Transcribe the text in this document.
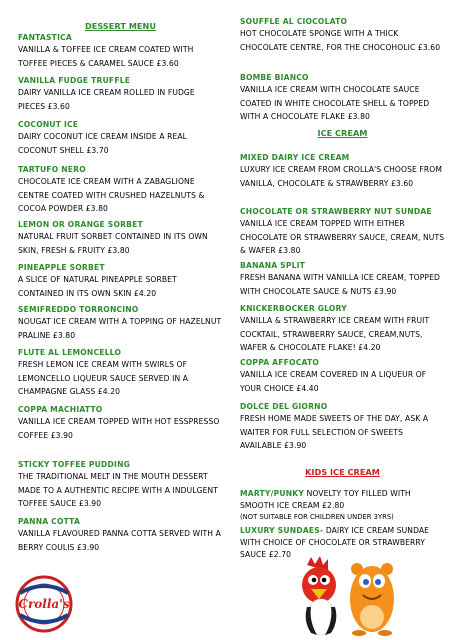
DESSERT MENU

FANTASTICA

VANILLA & TOFFEE ICE CREAM COATED WITH TOFFEE PIECES & CARAMEL SAUCE £3.60

VANILLA FUDGE TRUFFLE

DAIRY VANILLA ICE CREAM ROLLED IN FUDGE PIECES £3.60

COCONUT ICE

DAIRY COCONUT ICE CREAM INSIDE A REAL COCONUT SHELL £3.70

TARTUFO NERO

CHOCOLATE ICE CREAM WITH A ZABAGLIONE CENTRE COATED WITH CRUSHED HAZELNUTS & COCOA POWDER £3.80

LEMON OR ORANGE SORBET

NATURAL FRUIT SORBET CONTAINED IN ITS OWN SKIN, FRESH & FRUITY £3.80

PINEAPPLE SORBET

A SLICE OF NATURAL PINEAPPLE SORBET CONTAINED IN ITS OWN SKIN £4.20

SEMIFREDDO TORRONCINO

NOUGAT ICE CREAM WITH A TOPPING OF HAZELNUT PRALINE £3.80

FLUTE AL LEMONCELLO

FRESH LEMON ICE CREAM WITH SWIRLS OF LEMONCELLO LIQUEUR SAUCE SERVED IN A CHAMPAGNE GLASS £4.20

COPPA MACHIATTO

VANILLA ICE CREAM TOPPED WITH HOT ESSPRESSO COFFEE £3.90

STICKY TOFFEE PUDDING

THE TRADITIONAL MELT IN THE MOUTH DESSERT MADE TO A AUTHENTIC RECIPE WITH A INDULGENT TOFFEE SAUCE £3.90

PANNA COTTA

VANILLA FLAVOURED PANNA COTTA SERVED WITH A BERRY COULIS £3.90

Crolla's

SOUFFLE AL CIOCOLATO

HOT CHOCOLATE SPONGE WITH A THICK CHOCOLATE CENTRE, FOR THE CHOCOHOLIC £3.60

BOMBE BIANCO

VANILLA ICE CREAM WITH CHOCOLATE SAUCE COATED IN WHITE CHOCOLATE SHELL & TOPPED WITH A CHOCOLATE FLAKE £3.80

ICE CREAM

MIXED DAIRY ICE CREAM

LUXURY ICE CREAM FROM CROLLA'S CHOOSE FROM VANILLA, CHOCOLATE & STRAWBERRY £3.60

CHOCOLATE OR STRAWBERRY NUT SUNDAE

VANILLA ICE CREAM TOPPED WITH EITHER CHOCOLATE OR STRAWBERRY SAUCE, CREAM, NUTS & WAFER £3.80

BANANA SPLIT

FRESH BANANA WITH VANILLA ICE CREAM, TOPPED WITH CHOCOLATE SAUCE & NUTS £3.90

KNICKERBOCKER GLORY

VANILLA & STRAWBERRY ICE CREAM WITH FRUIT COCKTAIL, STRAWBERRY SAUCE, CREAM,NUTS, WAFER & CHOCOLATE FLAKE! £4.20

COPPA AFFOCATO

VANILLA ICE CREAM COVERED IN A LIQUEUR OF YOUR CHOICE £4.40

DOLCE DEL GIORNO

FRESH HOME MADE SWEETS OF THE DAY, ASK A WAITER FOR FULL SELECTION OF SWEETS AVAILABLE £3.90

KIDS ICE CREAM

MARTY/PUNKY NOVELTY TOY FILLED WITH SMOOTH ICE CREAM £2.80

(NOT SUITABLE FOR CHILDREN UNDER 3YRS)

LUXURY SUNDAES- DAIRY ICE CREAM SUNDAE WITH CHOICE OF CHOCOLATE OR STRAWBERRY SAUCE £2.70
